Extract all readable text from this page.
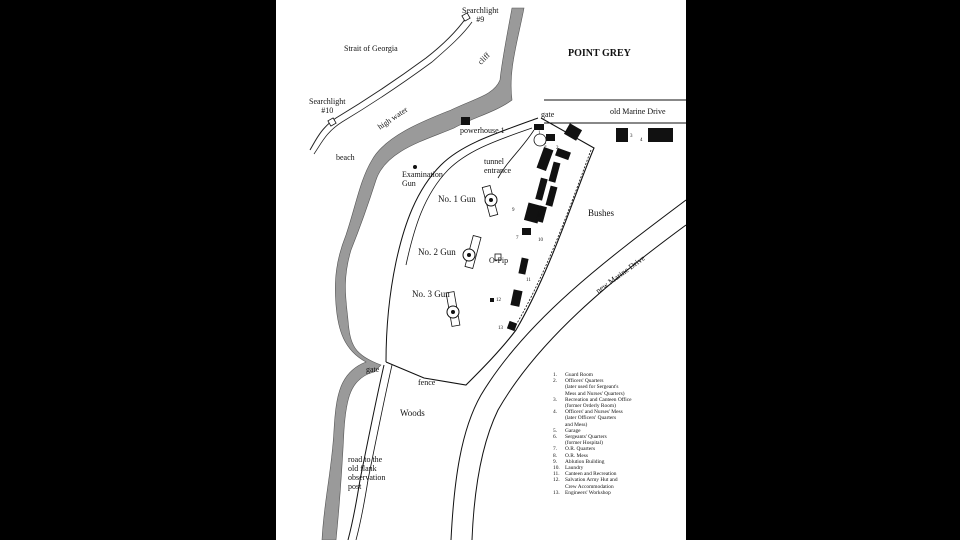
POINT GREY
Searchlight
#9
Searchlight
#10
Strait of Georgia
cliff
high water
beach
Examination
Gun
powerhouse 1
tunnel
entrance
gate	old Marine Drive
No. 1 Gun
No. 2 Gun
No. 3 Gun
O-Pip
Bushes
new Marine Drive
gate
fence
Woods
road to the
old flank
observation
post
1
2
3
4
5
6
7
8
9
10
11
12
13
1.	Guard Room
2.	Officers' Quarters
(later used for Sergeant's
Mess and Nurses' Quarters)
3.	Recreation and Canteen Office
(former Orderly Room)
4.	Officers' and Nurses' Mess
(later Officers' Quarters
and Mess)
5.	Garage
6.	Sergeants' Quarters
(former Hospital)
7.	O.R. Quarters
8.	O.R. Mess
9.	Ablution Building
10. Laundry
11.	Canteen and Recreation
12. Salvation Army Hut and
Crew Accommodation
13. Engineers' Workshop
